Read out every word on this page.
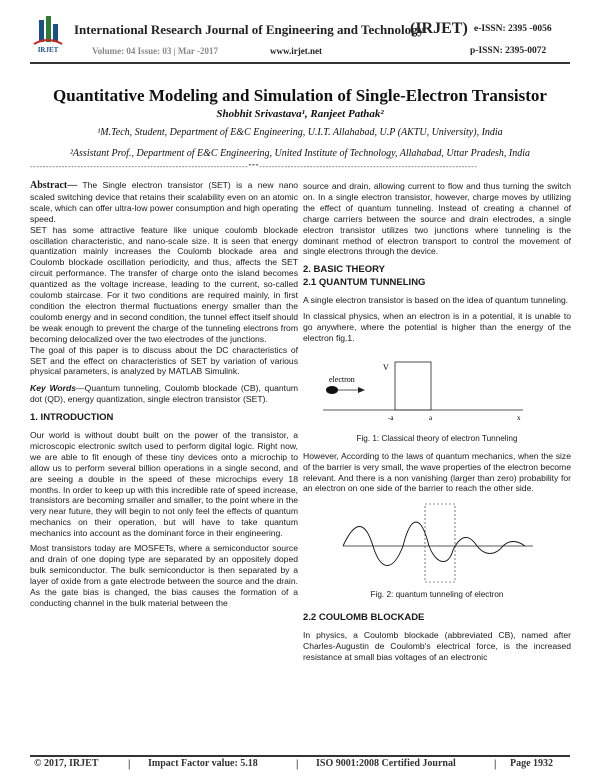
IRJET
International Research Journal of Engineering and Technology
(IRJET) e-ISSN: 2395 -0056
Volume: 04 Issue: 03 | Mar -2017	www.irjet.net	p-ISSN: 2395-0072
Quantitative Modeling and Simulation of Single-Electron Transistor
Shobhit Srivastava¹, Ranjeet Pathak²
¹M.Tech, Student, Department of E&C Engineering, U.I.T. Allahabad, U.P (AKTU, University), India
²Assistant Prof., Department of E&C Engineering, United Institute of Technology, Allahabad, Uttar Pradesh, India
---------------------------------------------------------------------***---------------------------------------------------------------------

Abstract— The Single electron transistor (SET) is a new nano scaled switching device that retains their scalability even on an atomic scale, which can offer ultra-low power consumption and high operating speed.

SET has some attractive feature like unique coulomb blockade oscillation characteristic, and nano-scale size. It is seen that energy quantization mainly increases the Coulomb blockade area and Coulomb blockade oscillation periodicity, and thus, affects the SET circuit performance. The transfer of charge onto the island becomes quantized as the voltage increase, leading to the current, so-called coulomb staircase. For it two conditions are required mainly, in first condition the electron thermal fluctuations energy smaller than the coulomb energy and in second condition, the tunnel effect itself should be weak enough to prevent the charge of the tunneling electrons from becoming delocalized over the two electrodes of the junctions.

The goal of this paper is to discuss about the DC characteristics of SET and the effect on characteristics of SET by variation of various physical parameters, is analyzed by MATLAB Simulink.

Key Words—Quantum tunneling, Coulomb blockade (CB), quantum dot (QD), energy quantization, single electron transistor (SET).

1. INTRODUCTION

Our world is without doubt built on the power of the transistor, a microscopic electronic switch used to perform digital logic. Right now, we are able to fit enough of these tiny devices onto a microchip to allow us to perform several billion operations in a single second, and are seeing a double in the speed of these microchips every 18 months. In order to keep up with this incredible rate of speed increase, transistors are becoming smaller and smaller, to the point where in the very near future, they will begin to not only feel the effects of quantum mechanics on their operation, but will have to take quantum mechanics into account as the dominant force in their engineering.

Most transistors today are MOSFETs, where a semiconductor source and drain of one doping type are separated by an oppositely doped bulk semiconductor. The bulk semiconductor is then separated by a layer of oxide from a gate electrode between the source and the drain. As the gate bias is changed, the bias causes the formation of a conducting channel in the bulk material between the

source and drain, allowing current to flow and thus turning the switch on. In a single electron transistor, however, charge moves by utilizing the effect of quantum tunneling. Instead of creating a channel of charge carriers between the source and drain electrodes, a single electron transistor utilizes two junctions where tunneling is the dominant method of electron transport to control the movement of single electrons through the device.

2. BASIC THEORY
2.1 QUANTUM TUNNELING

A single electron transistor is based on the idea of quantum tunneling.

In classical physics, when an electron is in a potential, it is unable to go anywhere, where the potential is higher than the energy of the electron fig.1.

V
electron
-a	a	x
Fig. 1: Classical theory of electron Tunneling

However, According to the laws of quantum mechanics, when the size of the barrier is very small, the wave properties of the electron become relevant. And there is a non vanishing (larger than zero) probability for an electron on one side of the barrier to reach the other side.

Fig. 2: quantum tunneling of electron
2.2 COULOMB BLOCKADE

In physics, a Coulomb blockade (abbreviated CB), named after Charles-Augustin de Coulomb's electrical force, is the increased resistance at small bias voltages of an electronic

© 2017, IRJET	| Impact Factor value: 5.18	| ISO 9001:2008 Certified Journal	| Page 1932
